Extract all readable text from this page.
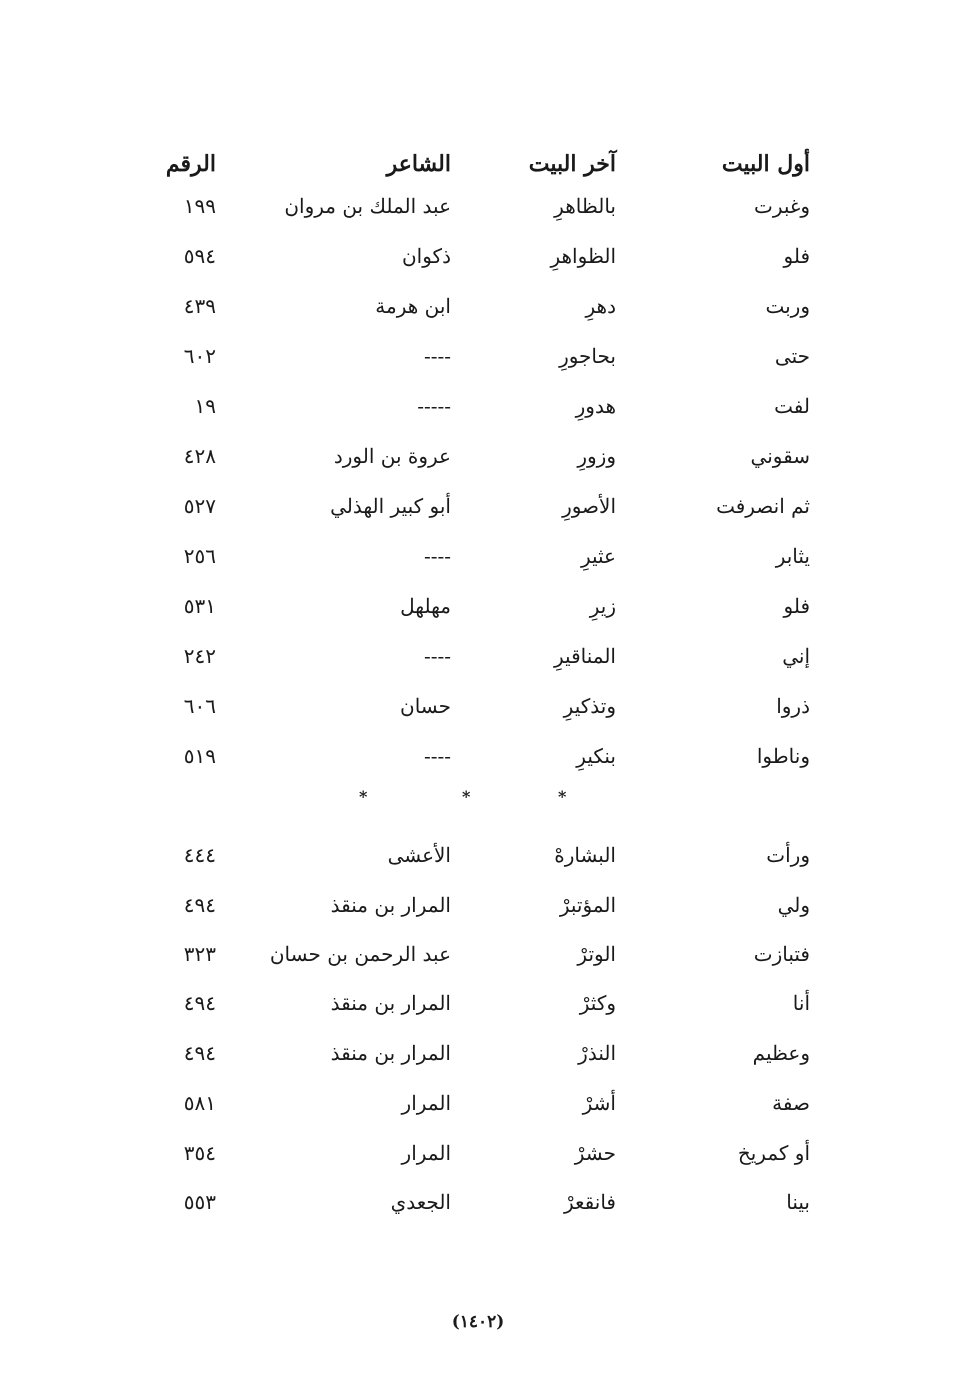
أول البيت
آخر البيت
الشاعر
الرقم
وغبرت
بالظاهرِ
عبد الملك بن مروان
١٩٩
فلو
الظواهرِ
ذكوان
٥٩٤
وربت
دهرِ
ابن هرمة
٤٣٩
حتى
بحاجورِ
----
٦٠٢
لفت
هدورِ
-----
١٩
سقوني
وزورِ
عروة بن الورد
٤٢٨
ثم انصرفت
الأصورِ
أبو كبير الهذلي
٥٢٧
يثابر
عثيرِ
----
٢٥٦
فلو
زيرِ
مهلهل
٥٣١
إني
المناقيرِ
----
٢٤٢
ذروا
وتذكيرِ
حسان
٦٠٦
وناطوا
بنكيرِ
----
٥١٩
*
*
*
ورأت
البشارهْ
الأعشى
٤٤٤
ولي
المؤتبرْ
المرار بن منقذ
٤٩٤
فتبازت
الوترْ
عبد الرحمن بن حسان
٣٢٣
أنا
وكثرْ
المرار بن منقذ
٤٩٤
وعظيم
النذرْ
المرار بن منقذ
٤٩٤
صفة
أشرْ
المرار
٥٨١
أو كمريخ
حشرْ
المرار
٣٥٤
بينا
فانقعرْ
الجعدي
٥٥٣
(١٤٠٢)
